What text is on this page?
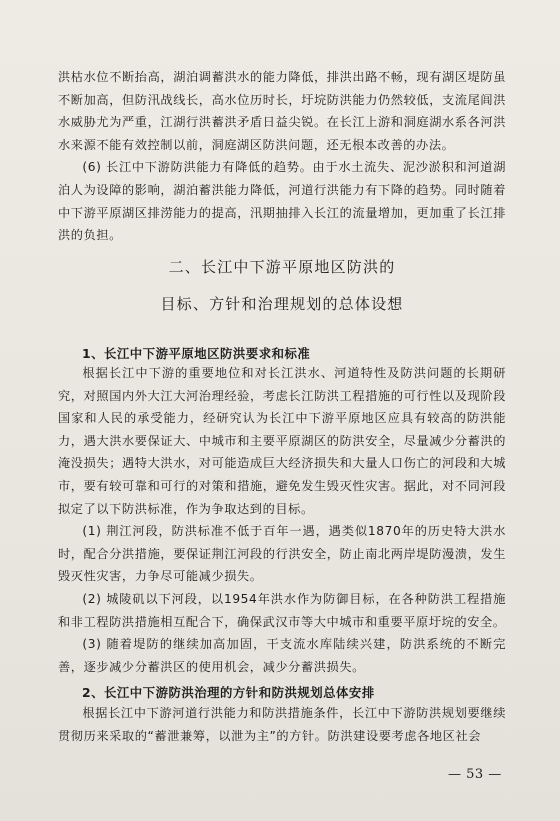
洪枯水位不断抬高，湖泊调蓄洪水的能力降低，排洪出路不畅，现有湖区堤防虽不断加高，但防汛战线长，高水位历时长，圩垸防洪能力仍然较低，支流尾闾洪水威胁尤为严重，江湖行洪蓄洪矛盾日益尖锐。在长江上游和洞庭湖水系各河洪水来源不能有效控制以前，洞庭湖区防洪问题，还无根本改善的办法。

(6) 长江中下游防洪能力有降低的趋势。由于水土流失、泥沙淤积和河道湖泊人为设障的影响，湖泊蓄洪能力降低，河道行洪能力有下降的趋势。同时随着中下游平原湖区排涝能力的提高，汛期抽排入长江的流量增加，更加重了长江排洪的负担。

二、长江中下游平原地区防洪的
目标、方针和治理规划的总体设想
1、长江中下游平原地区防洪要求和标准

根据长江中下游的重要地位和对长江洪水、河道特性及防洪问题的长期研究，对照国内外大江大河治理经验，考虑长江防洪工程措施的可行性以及现阶段国家和人民的承受能力，经研究认为长江中下游平原地区应具有较高的防洪能力，遇大洪水要保证大、中城市和主要平原湖区的防洪安全，尽量减少分蓄洪的淹没损失；遇特大洪水，对可能造成巨大经济损失和大量人口伤亡的河段和大城市，要有较可靠和可行的对策和措施，避免发生毁灭性灾害。据此，对不同河段拟定了以下防洪标准，作为争取达到的目标。

(1) 荆江河段，防洪标准不低于百年一遇，遇类似1870年的历史特大洪水时，配合分洪措施，要保证荆江河段的行洪安全，防止南北两岸堤防漫溃，发生毁灭性灾害，力争尽可能减少损失。

(2) 城陵矶以下河段，以1954年洪水作为防御目标，在各种防洪工程措施和非工程防洪措施相互配合下，确保武汉市等大中城市和重要平原圩垸的安全。

(3) 随着堤防的继续加高加固，干支流水库陆续兴建，防洪系统的不断完善，逐步减少分蓄洪区的使用机会，减少分蓄洪损失。

2、长江中下游防洪治理的方针和防洪规划总体安排

根据长江中下游河道行洪能力和防洪措施条件，长江中下游防洪规划要继续贯彻历来采取的“蓄泄兼筹，以泄为主”的方针。防洪建设要考虑各地区社会

— 53 —
